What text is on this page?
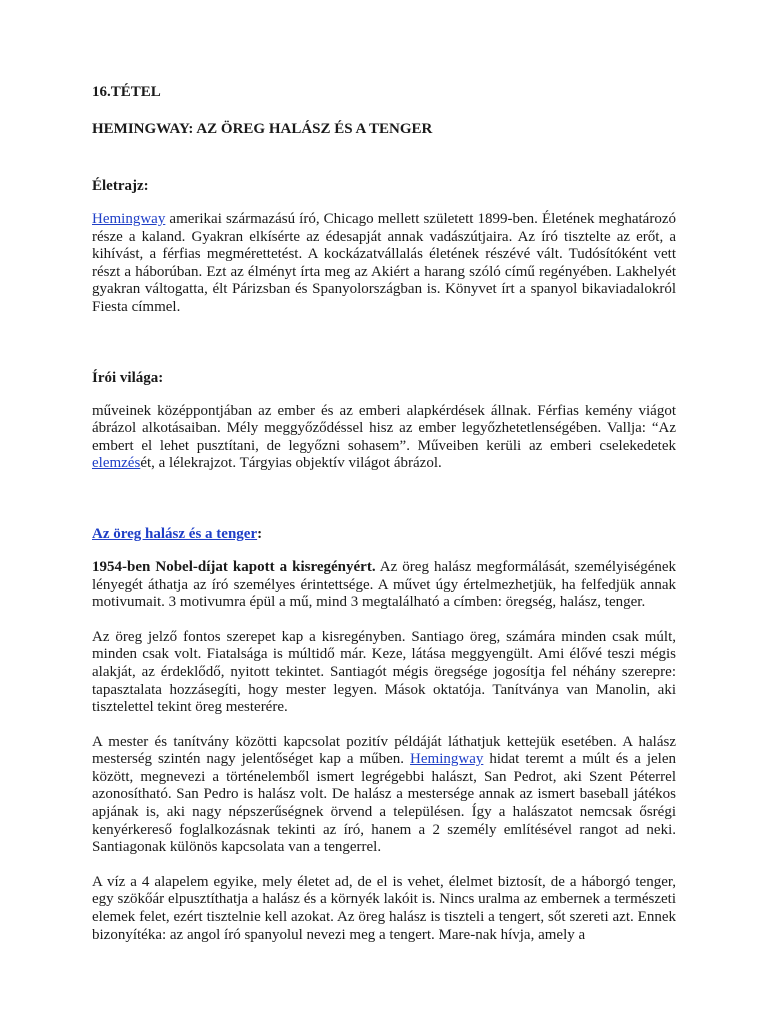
16.TÉTEL

HEMINGWAY: AZ ÖREG HALÁSZ ÉS A TENGER

Életrajz:

Hemingway amerikai származású író, Chicago mellett született 1899-ben. Életének meghatározó része a kaland. Gyakran elkísérte az édesapját annak vadászútjaira. Az író tisztelte az erőt, a kihívást, a férfias megmérettetést. A kockázatvállalás életének részévé vált. Tudósítóként vett részt a háborúban. Ezt az élményt írta meg az Akiért a harang szól​ó című regényében. Lakhelyét gyakran váltogatta, élt Párizsban és Spanyolországban is. Könyvet írt a spanyol bikaviadalokról Fiesta címmel.

Írói világa:

műveinek középpontjában az ember és az emberi alapkérdések állnak. Férfias kemény viágot ábrázol alkotásaiban. Mély meggyőződéssel hisz az ember legyőzhetetlenségében. Vallja: “Az embert el lehet pusztítani, de legyőzni sohasem”. Műveiben kerüli az emberi cselekedetek elemzését, a lélekrajzot. Tárgyias objektív világot ábrázol.

Az öreg halász és a tenger:

1954-ben Nobel-díjat kapott a kisregényért. Az öreg halász megformálását, személyiségének lényegét áthatja az író személyes érintettsége. A művet úgy értelmezhetjük, ha felfedjük annak motivumait. 3 motivumra épül a mű, mind 3 megtalálható a címben: öregség, halász, tenger.

Az öreg jelző fontos szerepet kap a kisregényben. Santiago öreg, számára minden csak múlt, minden csak volt. Fiatalsága is múltidő már. Keze, látása meggyengült. Ami élővé teszi mégis alakját, az érdeklődő, nyitott tekintet. Santiagót mégis öregsége jogosítja fel néhány szerepre: tapasztalata hozzásegíti, hogy mester legyen. Mások oktatója. Tanítványa van Manolin, aki tisztelettel tekint öreg mesterére.

A mester és tanítvány közötti kapcsolat pozitív példáját láthatjuk kettejük esetében. A halász mesterség szintén nagy jelentőséget kap a műben. Hemingway hidat teremt a múlt és a jelen között, megnevezi a történelemből ismert legrégebbi halászt, San Pedrot, aki Szent Péterrel azonosítható. San Pedro is halász volt. De halász a mestersége annak az ismert baseball játékos apjának is, aki nagy népszerűségnek örvend a településen. Így a halászatot nemcsak ősrégi kenyérkereső foglalkozásnak tekinti az író, hanem a 2 személy említésével rangot ad neki. Santiagonak különös kapcsolata van a tengerrel.

A víz a 4 alapelem egyike, mely életet ad, de el is vehet, élelmet biztosít, de a háborgó tenger, egy szökőár elpusztíthatja a halász és a környék lakóit is. Nincs uralma az embernek a természeti elemek felet, ezért tisztelnie kell azokat. Az öreg halász is tiszteli a tengert, sőt szereti azt. Ennek bizonyítéka: az angol író spanyolul nevezi meg a tengert. Mare-nak hívja, amely a
